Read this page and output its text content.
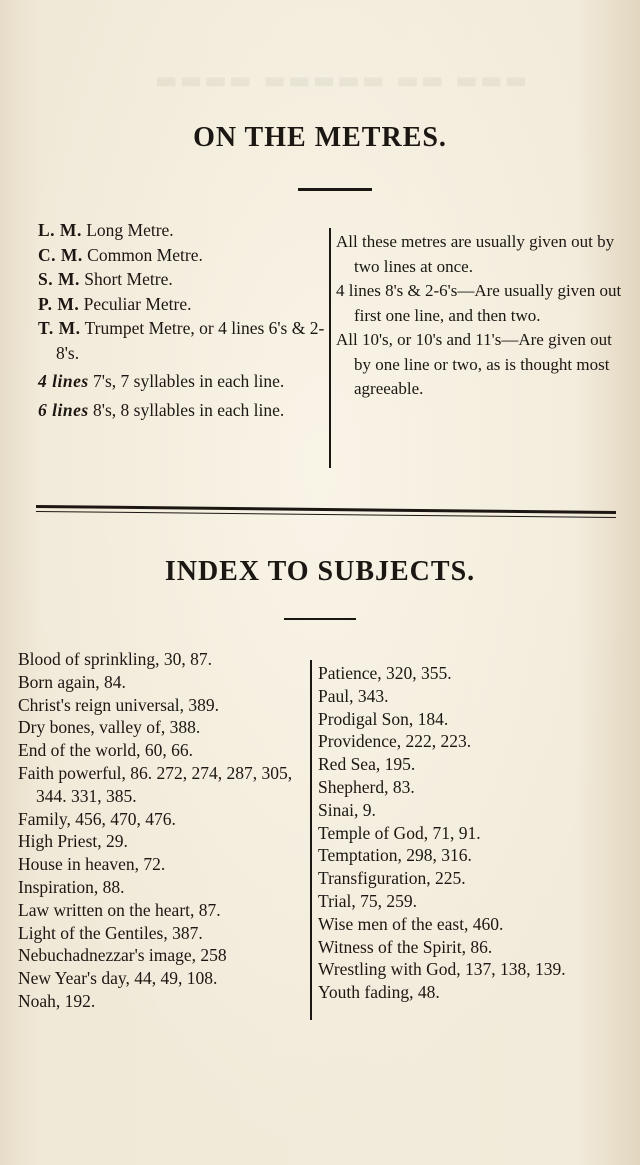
▬▬▬ ▬▬ ▬▬▬▬▬ ▬▬▬▬
ON THE METRES.
L. M. Long Metre.
C. M. Common Metre.
S. M. Short Metre.
P. M. Peculiar Metre.
T. M. Trumpet Metre, or 4 lines 6's & 2-8's.
4 lines 7's, 7 syllables in each line.
6 lines 8's, 8 syllables in each line.
All these metres are usually given out by two lines at once.
4 lines 8's & 2-6's—Are usually given out first one line, and then two.
All 10's, or 10's and 11's—Are given out by one line or two, as is thought most agreeable.
INDEX TO SUBJECTS.
Blood of sprinkling, 30, 87.
Born again, 84.
Christ's reign universal, 389.
Dry bones, valley of, 388.
End of the world, 60, 66.
Faith powerful, 86. 272, 274, 287, 305, 344. 331, 385.
Family, 456, 470, 476.
High Priest, 29.
House in heaven, 72.
Inspiration, 88.
Law written on the heart, 87.
Light of the Gentiles, 387.
Nebuchadnezzar's image, 258
New Year's day, 44, 49, 108.
Noah, 192.
Patience, 320, 355.
Paul, 343.
Prodigal Son, 184.
Providence, 222, 223.
Red Sea, 195.
Shepherd, 83.
Sinai, 9.
Temple of God, 71, 91.
Temptation, 298, 316.
Transfiguration, 225.
Trial, 75, 259.
Wise men of the east, 460.
Witness of the Spirit, 86.
Wrestling with God, 137, 138, 139.
Youth fading, 48.
